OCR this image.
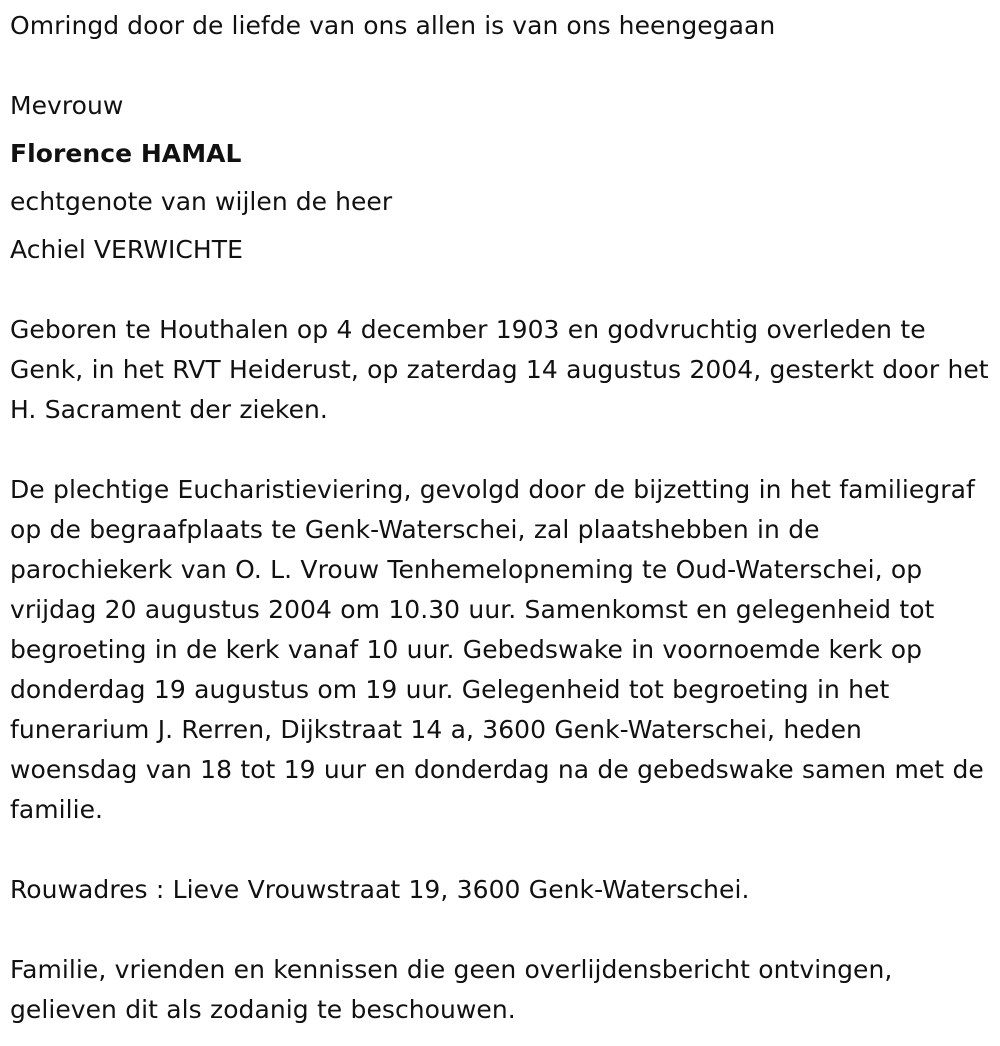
Omringd door de liefde van ons allen is van ons heengegaan

Mevrouw

Florence HAMAL

echtgenote van wijlen de heer

Achiel VERWICHTE

Geboren te Houthalen op 4 december 1903 en godvruchtig overleden te Genk, in het RVT Heiderust, op zaterdag 14 augustus 2004, gesterkt door het H. Sacrament der zieken.

De plechtige Eucharistieviering, gevolgd door de bijzetting in het familiegraf op de begraafplaats te Genk-Waterschei, zal plaatshebben in de parochiekerk van O. L. Vrouw Tenhemelopneming te Oud-Waterschei, op vrijdag 20 augustus 2004 om 10.30 uur. Samenkomst en gelegenheid tot begroeting in de kerk vanaf 10 uur. Gebedswake in voornoemde kerk op donderdag 19 augustus om 19 uur. Gelegenheid tot begroeting in het funerarium J. Rerren, Dijkstraat 14 a, 3600 Genk-Waterschei, heden woensdag van 18 tot 19 uur en donderdag na de gebedswake samen met de familie.

Rouwadres : Lieve Vrouwstraat 19, 3600 Genk-Waterschei.

Familie, vrienden en kennissen die geen overlijdensbericht ontvingen, gelieven dit als zodanig te beschouwen.
